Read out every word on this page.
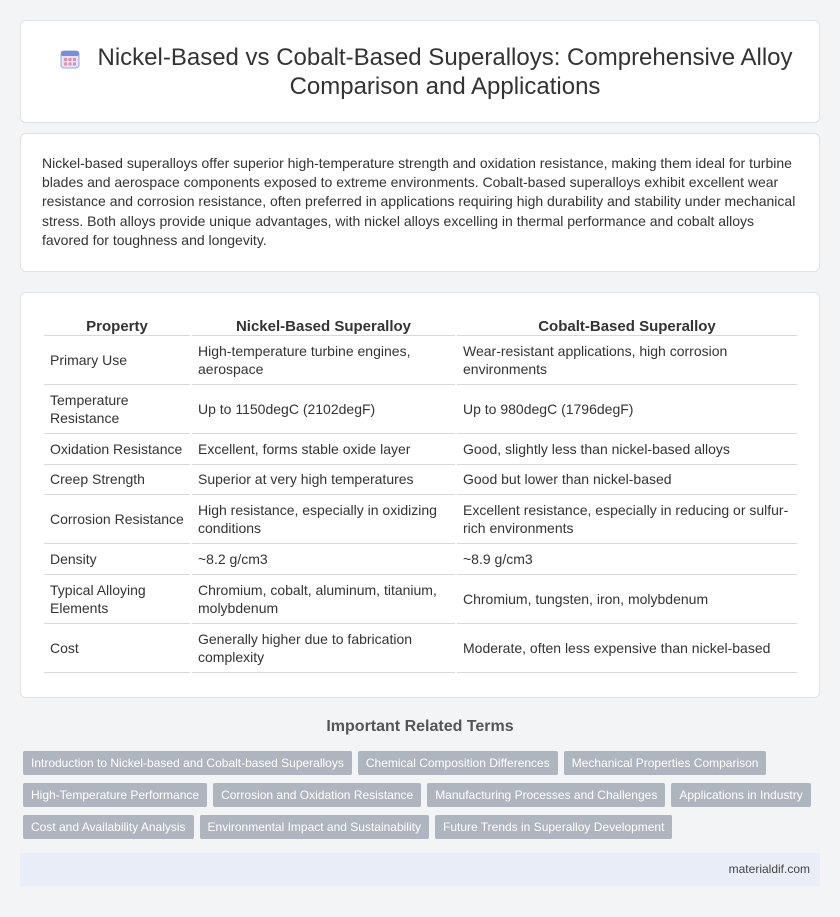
Nickel-Based vs Cobalt-Based Superalloys: Comprehensive Alloy Comparison and Applications

Nickel-based superalloys offer superior high-temperature strength and oxidation resistance, making them ideal for turbine blades and aerospace components exposed to extreme environments. Cobalt-based superalloys exhibit excellent wear resistance and corrosion resistance, often preferred in applications requiring high durability and stability under mechanical stress. Both alloys provide unique advantages, with nickel alloys excelling in thermal performance and cobalt alloys favored for toughness and longevity.

Property	Nickel-Based Superalloy	Cobalt-Based Superalloy
Primary Use	High-temperature turbine engines, aerospace	Wear-resistant applications, high corrosion environments
Temperature Resistance	Up to 1150degC (2102degF)	Up to 980degC (1796degF)
Oxidation Resistance	Excellent, forms stable oxide layer	Good, slightly less than nickel-based alloys
Creep Strength	Superior at very high temperatures	Good but lower than nickel-based
Corrosion Resistance	High resistance, especially in oxidizing conditions	Excellent resistance, especially in reducing or sulfur-rich environments
Density	~8.2 g/cm3	~8.9 g/cm3
Typical Alloying Elements	Chromium, cobalt, aluminum, titanium, molybdenum	Chromium, tungsten, iron, molybdenum
Cost	Generally higher due to fabrication complexity	Moderate, often less expensive than nickel-based
Important Related Terms
Introduction to Nickel-based and Cobalt-based Superalloys	Chemical Composition Differences	Mechanical Properties Comparison
High-Temperature Performance	Corrosion and Oxidation Resistance	Manufacturing Processes and Challenges	Applications in Industry
Cost and Availability Analysis	Environmental Impact and Sustainability	Future Trends in Superalloy Development
materialdif.com
